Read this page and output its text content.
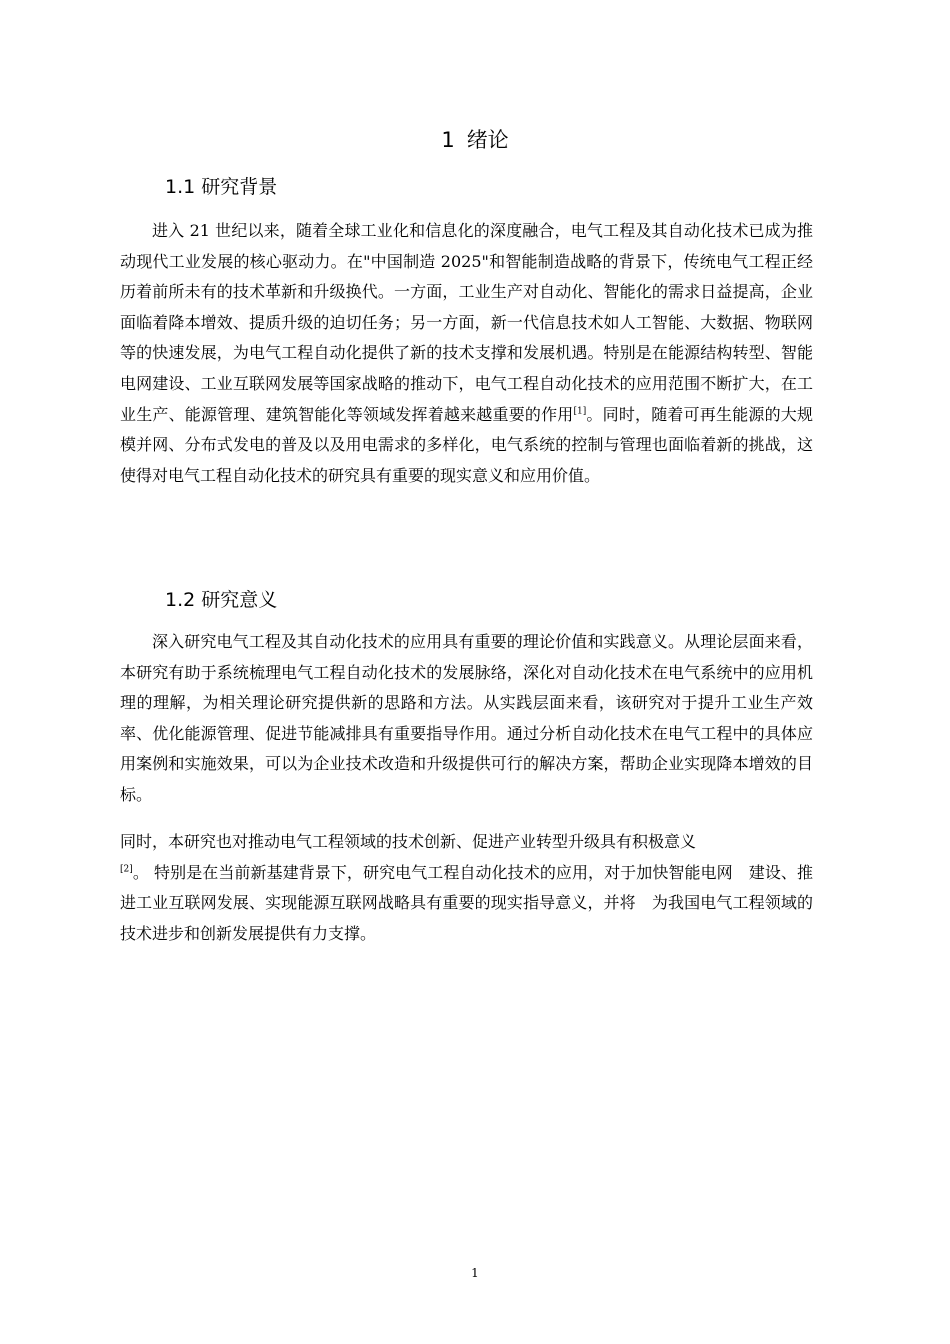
1 绪论
1.1 研究背景

进入 21 世纪以来，随着全球工业化和信息化的深度融合，电气工程及其自动化技术已成为推动现代工业发展的核心驱动力。在"中国制造 2025"和智能制造战略的背景下，传统电气工程正经历着前所未有的技术革新和升级换代。一方面，工业生产对自动化、智能化的需求日益提高，企业面临着降本增效、提质升级的迫切任务；另一方面，新一代信息技术如人工智能、大数据、物联网等的快速发展，为电气工程自动化提供了新的技术支撑和发展机遇。特别是在能源结构转型、智能电网建设、工业互联网发展等国家战略的推动下，电气工程自动化技术的应用范围不断扩大，在工业生产、能源管理、建筑智能化等领域发挥着越来越重要的作用[1]。同时，随着可再生能源的大规模并网、分布式发电的普及以及用电需求的多样化，电气系统的控制与管理也面临着新的挑战，这使得对电气工程自动化技术的研究具有重要的现实意义和应用价值。

1.2 研究意义

深入研究电气工程及其自动化技术的应用具有重要的理论价值和实践意义。从理论层面来看，本研究有助于系统梳理电气工程自动化技术的发展脉络，深化对自动化技术在电气系统中的应用机理的理解，为相关理论研究提供新的思路和方法。从实践层面来看，该研究对于提升工业生产效率、优化能源管理、促进节能减排具有重要指导作用。通过分析自动化技术在电气工程中的具体应用案例和实施效果，可以为企业技术改造和升级提供可行的解决方案，帮助企业实现降本增效的目标。

同时，本研究也对推动电气工程领域的技术创新、促进产业转型升级具有积极意义
[2]。 特别是在当前新基建背景下，研究电气工程自动化技术的应用，对于加快智能电网　建设、推进工业互联网发展、实现能源互联网战略具有重要的现实指导意义，并将　为我国电气工程领域的技术进步和创新发展提供有力支撑。

1
